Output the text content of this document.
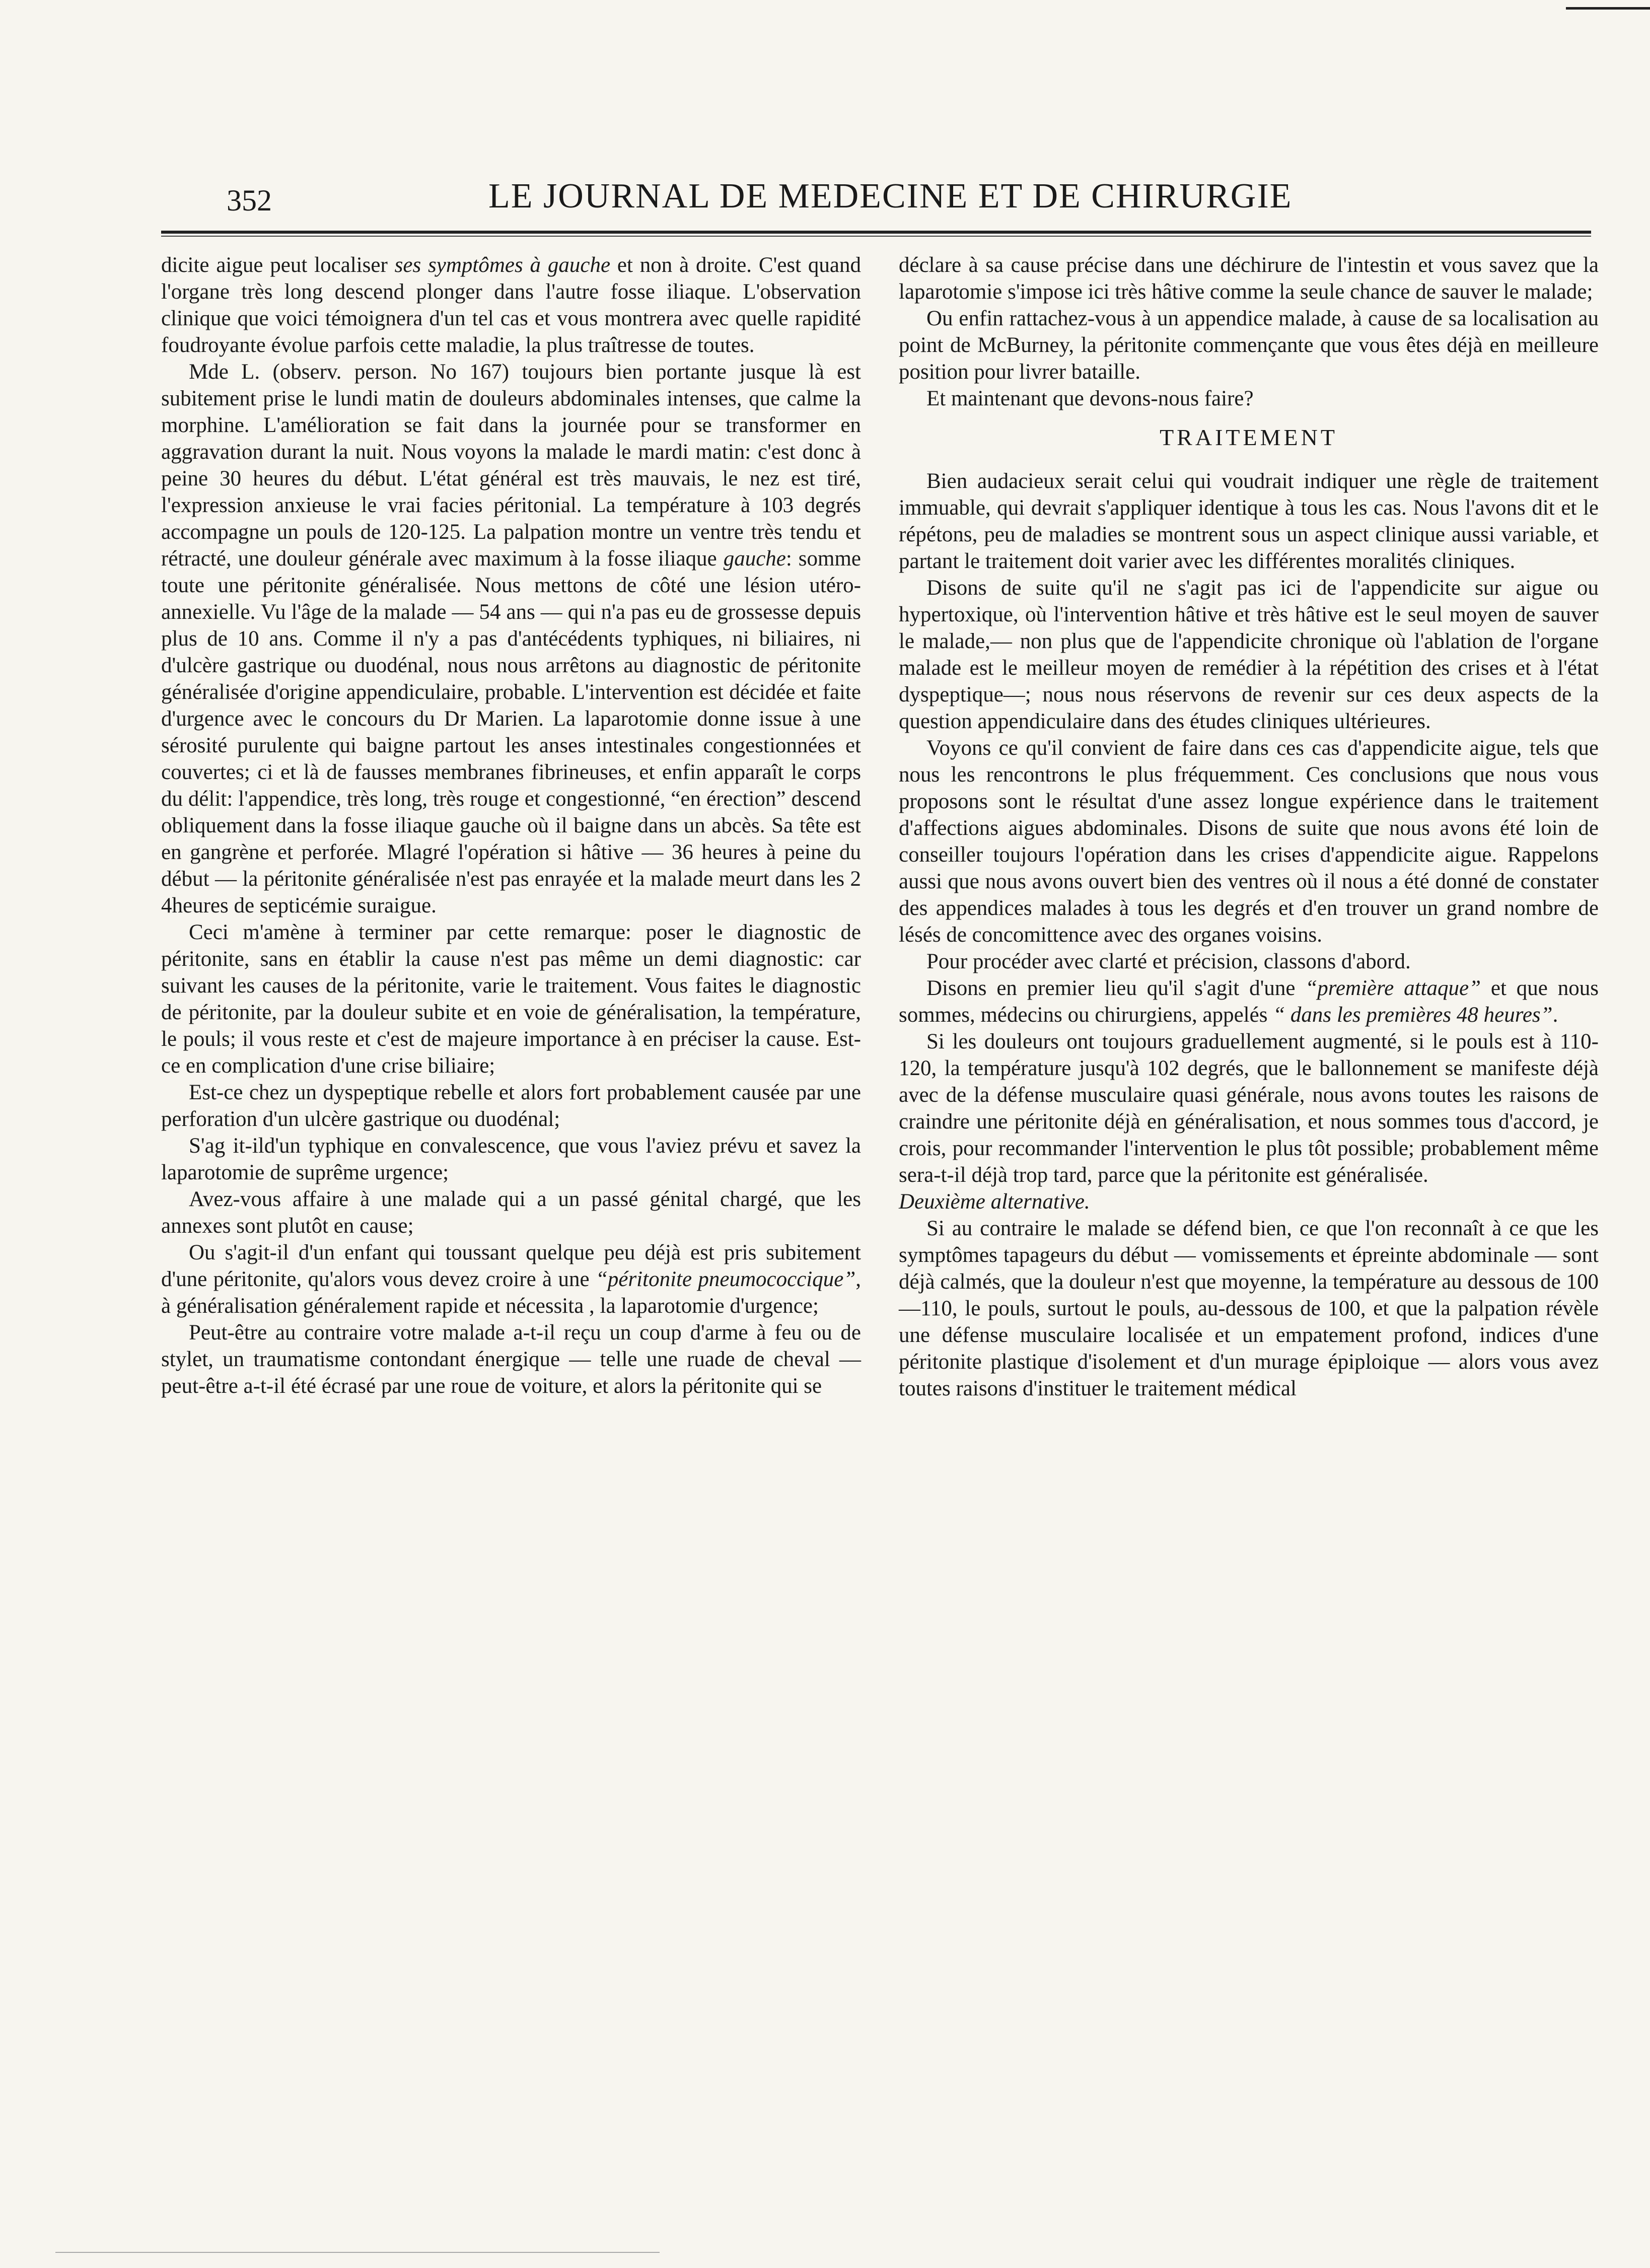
352	LE JOURNAL DE MEDECINE ET DE CHIRURGIE

dicite aigue peut localiser ses symptômes à gauche et non à droite. C'est quand l'organe très long descend plonger dans l'autre fosse iliaque. L'observation clinique que voici témoignera d'un tel cas et vous montrera avec quelle rapidité foudroyante évolue parfois cette maladie, la plus traîtresse de toutes.

Mde L. (observ. person. No 167) toujours bien portante jusque là est subitement prise le lundi matin de douleurs abdominales intenses, que calme la morphine. L'amélioration se fait dans la journée pour se transformer en aggravation durant la nuit. Nous voyons la malade le mardi matin: c'est donc à peine 30 heures du début. L'état général est très mauvais, le nez est tiré, l'expression anxieuse le vrai facies péritonial. La température à 103 degrés accompagne un pouls de 120-125. La palpation montre un ventre très tendu et rétracté, une douleur générale avec maximum à la fosse iliaque gauche: somme toute une péritonite généralisée. Nous mettons de côté une lésion utéro-annexielle. Vu l'âge de la malade — 54 ans — qui n'a pas eu de grossesse depuis plus de 10 ans. Comme il n'y a pas d'antécédents typhiques, ni biliaires, ni d'ulcère gastrique ou duodénal, nous nous arrêtons au diagnostic de péritonite généralisée d'origine appendiculaire, probable. L'intervention est décidée et faite d'urgence avec le concours du Dr Marien. La laparotomie donne issue à une sérosité purulente qui baigne partout les anses intestinales congestionnées et couvertes; ci et là de fausses membranes fibrineuses, et enfin apparaît le corps du délit: l'appendice, très long, très rouge et congestionné, “en érection” descend obliquement dans la fosse iliaque gauche où il baigne dans un abcès. Sa tête est en gangrène et perforée. Mlagré l'opération si hâtive — 36 heures à peine du début — la péritonite généralisée n'est pas enrayée et la malade meurt dans les 2 4heures de septicémie suraigue.

Ceci m'amène à terminer par cette remarque: poser le diagnostic de péritonite, sans en établir la cause n'est pas même un demi diagnostic: car suivant les causes de la péritonite, varie le traitement. Vous faites le diagnostic de péritonite, par la douleur subite et en voie de généralisation, la température, le pouls; il vous reste et c'est de majeure importance à en préciser la cause. Est-ce en complication d'une crise biliaire;

Est-ce chez un dyspeptique rebelle et alors fort probablement causée par une perforation d'un ulcère gastrique ou duodénal;

S'ag it-ild'un typhique en convalescence, que vous l'aviez prévu et savez la laparotomie de suprême urgence;

Avez-vous affaire à une malade qui a un passé génital chargé, que les annexes sont plutôt en cause;

Ou s'agit-il d'un enfant qui toussant quelque peu déjà est pris subitement d'une péritonite, qu'alors vous devez croire à une “péritonite pneumococcique”, à généralisation généralement rapide et nécessita , la laparotomie d'urgence;

Peut-être au contraire votre malade a-t-il reçu un coup d'arme à feu ou de stylet, un traumatisme contondant énergique — telle une ruade de cheval — peut-être a-t-il été écrasé par une roue de voiture, et alors la péritonite qui se

déclare à sa cause précise dans une déchirure de l'intestin et vous savez que la laparotomie s'impose ici très hâtive comme la seule chance de sauver le malade;

Ou enfin rattachez-vous à un appendice malade, à cause de sa localisation au point de McBurney, la péritonite commençante que vous êtes déjà en meilleure position pour livrer bataille.

Et maintenant que devons-nous faire?

TRAITEMENT

Bien audacieux serait celui qui voudrait indiquer une règle de traitement immuable, qui devrait s'appliquer identique à tous les cas. Nous l'avons dit et le répétons, peu de maladies se montrent sous un aspect clinique aussi variable, et partant le traitement doit varier avec les différentes moralités cliniques.

Disons de suite qu'il ne s'agit pas ici de l'appendicite sur aigue ou hypertoxique, où l'intervention hâtive et très hâtive est le seul moyen de sauver le malade,— non plus que de l'appendicite chronique où l'ablation de l'organe malade est le meilleur moyen de remédier à la répétition des crises et à l'état dyspeptique—; nous nous réservons de revenir sur ces deux aspects de la question appendiculaire dans des études cliniques ultérieures.

Voyons ce qu'il convient de faire dans ces cas d'appendicite aigue, tels que nous les rencontrons le plus fréquemment. Ces conclusions que nous vous proposons sont le résultat d'une assez longue expérience dans le traitement d'affections aigues abdominales. Disons de suite que nous avons été loin de conseiller toujours l'opération dans les crises d'appendicite aigue. Rappelons aussi que nous avons ouvert bien des ventres où il nous a été donné de constater des appendices malades à tous les degrés et d'en trouver un grand nombre de lésés de concomittence avec des organes voisins.

Pour procéder avec clarté et précision, classons d'abord.

Disons en premier lieu qu'il s'agit d'une “première attaque” et que nous sommes, médecins ou chirurgiens, appelés “ dans les premières 48 heures”.

Si les douleurs ont toujours graduellement augmenté, si le pouls est à 110-120, la température jusqu'à 102 degrés, que le ballonnement se manifeste déjà avec de la défense musculaire quasi générale, nous avons toutes les raisons de craindre une péritonite déjà en généralisation, et nous sommes tous d'accord, je crois, pour recommander l'intervention le plus tôt possible; probablement même sera-t-il déjà trop tard, parce que la péritonite est généralisée.

Deuxième alternative.

Si au contraire le malade se défend bien, ce que l'on reconnaît à ce que les symptômes tapageurs du début — vomissements et épreinte abdominale — sont déjà calmés, que la douleur n'est que moyenne, la température au dessous de 100—110, le pouls, surtout le pouls, au-dessous de 100, et que la palpation révèle une défense musculaire localisée et un empatement profond, indices d'une péritonite plastique d'isolement et d'un murage épiploique — alors vous avez toutes raisons d'instituer le traitement médical
